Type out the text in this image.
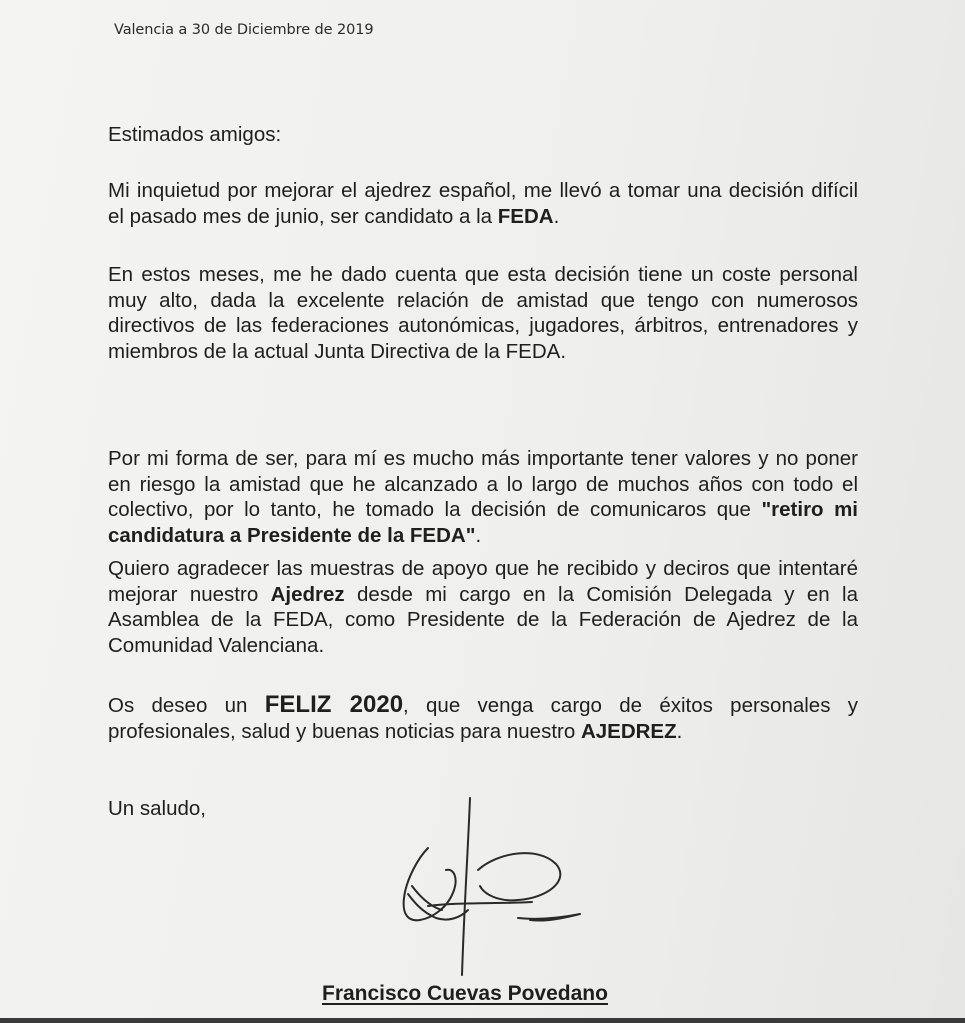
Valencia a 30 de Diciembre de 2019
Estimados amigos:
Mi inquietud por mejorar el ajedrez español, me llevó a tomar una decisión difícil el pasado mes de junio, ser candidato a la FEDA.
En estos meses, me he dado cuenta que esta decisión tiene un coste personal muy alto, dada la excelente relación de amistad que tengo con numerosos directivos de las federaciones autonómicas, jugadores, árbitros, entrenadores y miembros de la actual Junta Directiva de la FEDA.
Por mi forma de ser, para mí es mucho más importante tener valores y no poner en riesgo la amistad que he alcanzado a lo largo de muchos años con todo el colectivo, por lo tanto, he tomado la decisión de comunicaros que "retiro mi candidatura a Presidente de la FEDA".
Quiero agradecer las muestras de apoyo que he recibido y deciros que intentaré mejorar nuestro Ajedrez desde mi cargo en la Comisión Delegada y en la Asamblea de la FEDA, como Presidente de la Federación de Ajedrez de la Comunidad Valenciana.
Os deseo un FELIZ 2020, que venga cargo de éxitos personales y profesionales, salud y buenas noticias para nuestro AJEDREZ.
Un saludo,
Francisco Cuevas Povedano
